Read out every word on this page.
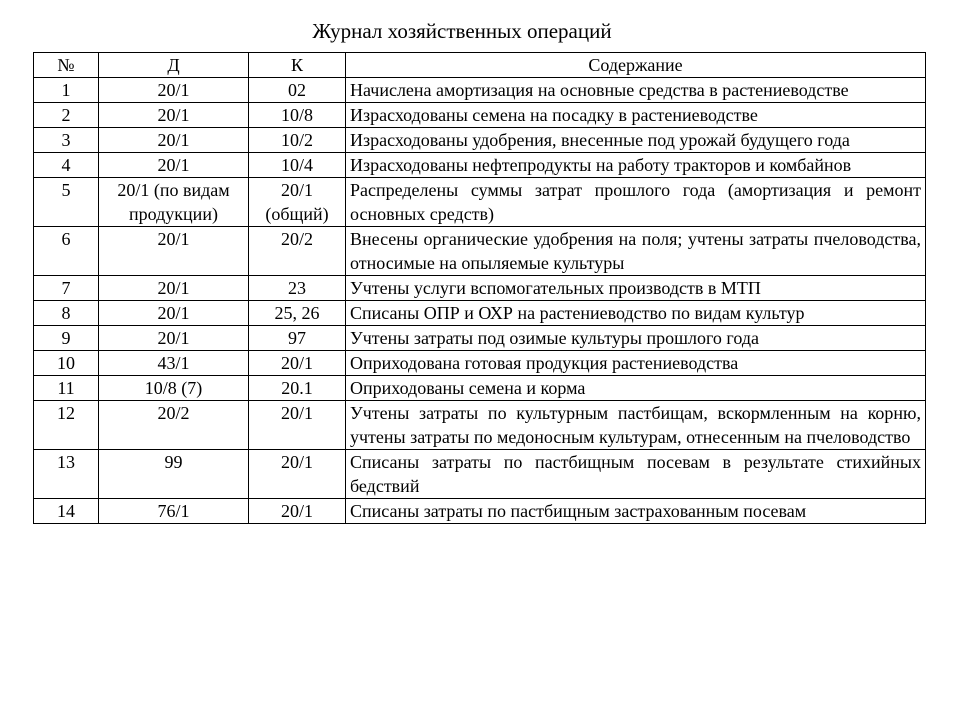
Журнал хозяйственных операций
№	Д	К	Содержание
1	20/1	02	Начислена амортизация на основные средства в растениеводстве
2	20/1	10/8	Израсходованы семена на посадку в растениеводстве
3	20/1	10/2	Израсходованы удобрения, внесенные под урожай будущего года
4	20/1	10/4	Израсходованы нефтепродукты на работу тракторов и комбайнов
5	20/1 (по видам продукции)	20/1 (общий)	Распределены суммы затрат прошлого года (амортизация и ремонт основных средств)
6	20/1	20/2	Внесены органические удобрения на поля; учтены затраты пчеловодства, относимые на опыляемые культуры
7	20/1	23	Учтены услуги вспомогательных производств в МТП
8	20/1	25, 26	Списаны ОПР и ОХР на растениеводство по видам культур
9	20/1	97	Учтены затраты под озимые культуры прошлого года
10	43/1	20/1	Оприходована готовая продукция растениеводства
11	10/8 (7)	20.1	Оприходованы семена и корма
12	20/2	20/1	Учтены затраты по культурным пастбищам, вскормленным на корню, учтены затраты по медоносным культурам, отнесенным на пчеловодство
13	99	20/1	Списаны затраты по пастбищным посевам в результате стихийных бедствий
14	76/1	20/1	Списаны затраты по пастбищным застрахованным посевам
